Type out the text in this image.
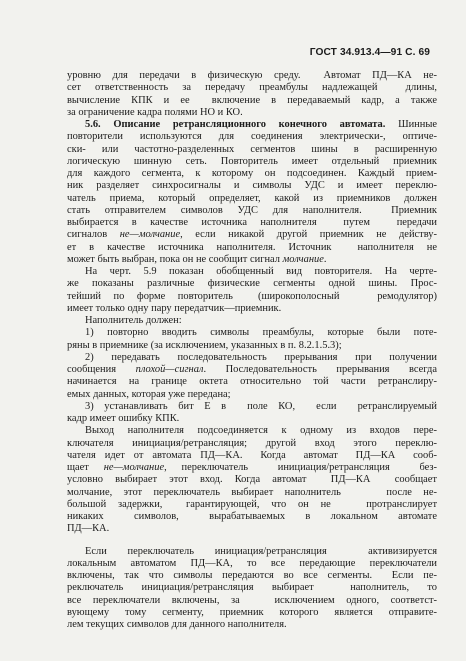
ГОСТ 34.913.4—91 С. 69
уровню для передачи в физическую среду.  Автомат ПД—КА не-
сет ответственность за передачу преамбулы надлежащей  длины,
вычисление КПК и ее  включение в передаваемый кадр, а также
за ограничение кадра полями НО и КО.
5.6. Описание ретрансляционного конечного автомата. Шинные
повторители используются для соединения электрически-, оптиче-
ски- или частотно-разделенных сегментов шины в расширенную
логическую шинную сеть. Повторитель имеет отдельный приемник
для каждого сегмента, к которому он подсоединен. Каждый прием-
ник разделяет синхросигналы и символы УДС и имеет переклю-
чатель приема, который определяет, какой из приемников должен
стать отправителем символов УДС для наполнителя.  Приемник
выбирается в качестве источника наполнителя  путем  передачи
сигналов не—молчание, если никакой другой приемник не действу-
ет в качестве источника наполнителя. Источник  наполнителя не
может быть выбран, пока он не сообщит сигнал молчание.
На черт. 5.9 показан обобщенный вид повторителя. На черте-
же показаны различные физические сегменты одной шины. Прос-
тейший по форме повторитель  (широкополосный   ремодулятор)
имеет только одну пару передатчик—приемник.
Наполнитель должен:
1) повторно вводить символы преамбулы, которые были поте-
ряны в приемнике (за исключением, указанных в п. 8.2.1.5.3);
2) передавать последовательность прерывания при получении
сообщения плохой—сигнал. Последовательность прерывания всегда
начинается на границе октета относительно той части ретранслиру-
емых данных, которая уже передана;
3) устанавливать бит Е в  поле КО,  если  ретранслируемый
кадр имеет ошибку КПК.
Выход наполнителя подсоединяется к одному из входов пере-
ключателя инициация/ретрансляция; другой вход этого переклю-
чателя идет от автомата ПД—КА.  Когда  автомат  ПД—КА  сооб-
щает не—молчание, переключатель  инициация/ретрансляция  без-
условно выбирает этот вход. Когда автомат  ПД—КА  сообщает
молчание, этот переключатель выбирает наполнитель    после не-
большой задержки,  гарантирующей, что он не   протранслирует
никаких   символов,   вырабатываемых  в  локальном  автомате
ПД—КА.
Если переключатель инициация/ретрансляция  активизируется
локальным автоматом ПД—КА, то все передающие переключатели
включены, так что символы передаются во все сегменты.  Если пе-
реключатель инициация/ретрансляция выбирает  наполнитель, то
все переключатели включены, за   исключением одного, соответст-
вующему тому сегменту, приемник которого является отправите-
лем текущих символов для данного наполнителя.
